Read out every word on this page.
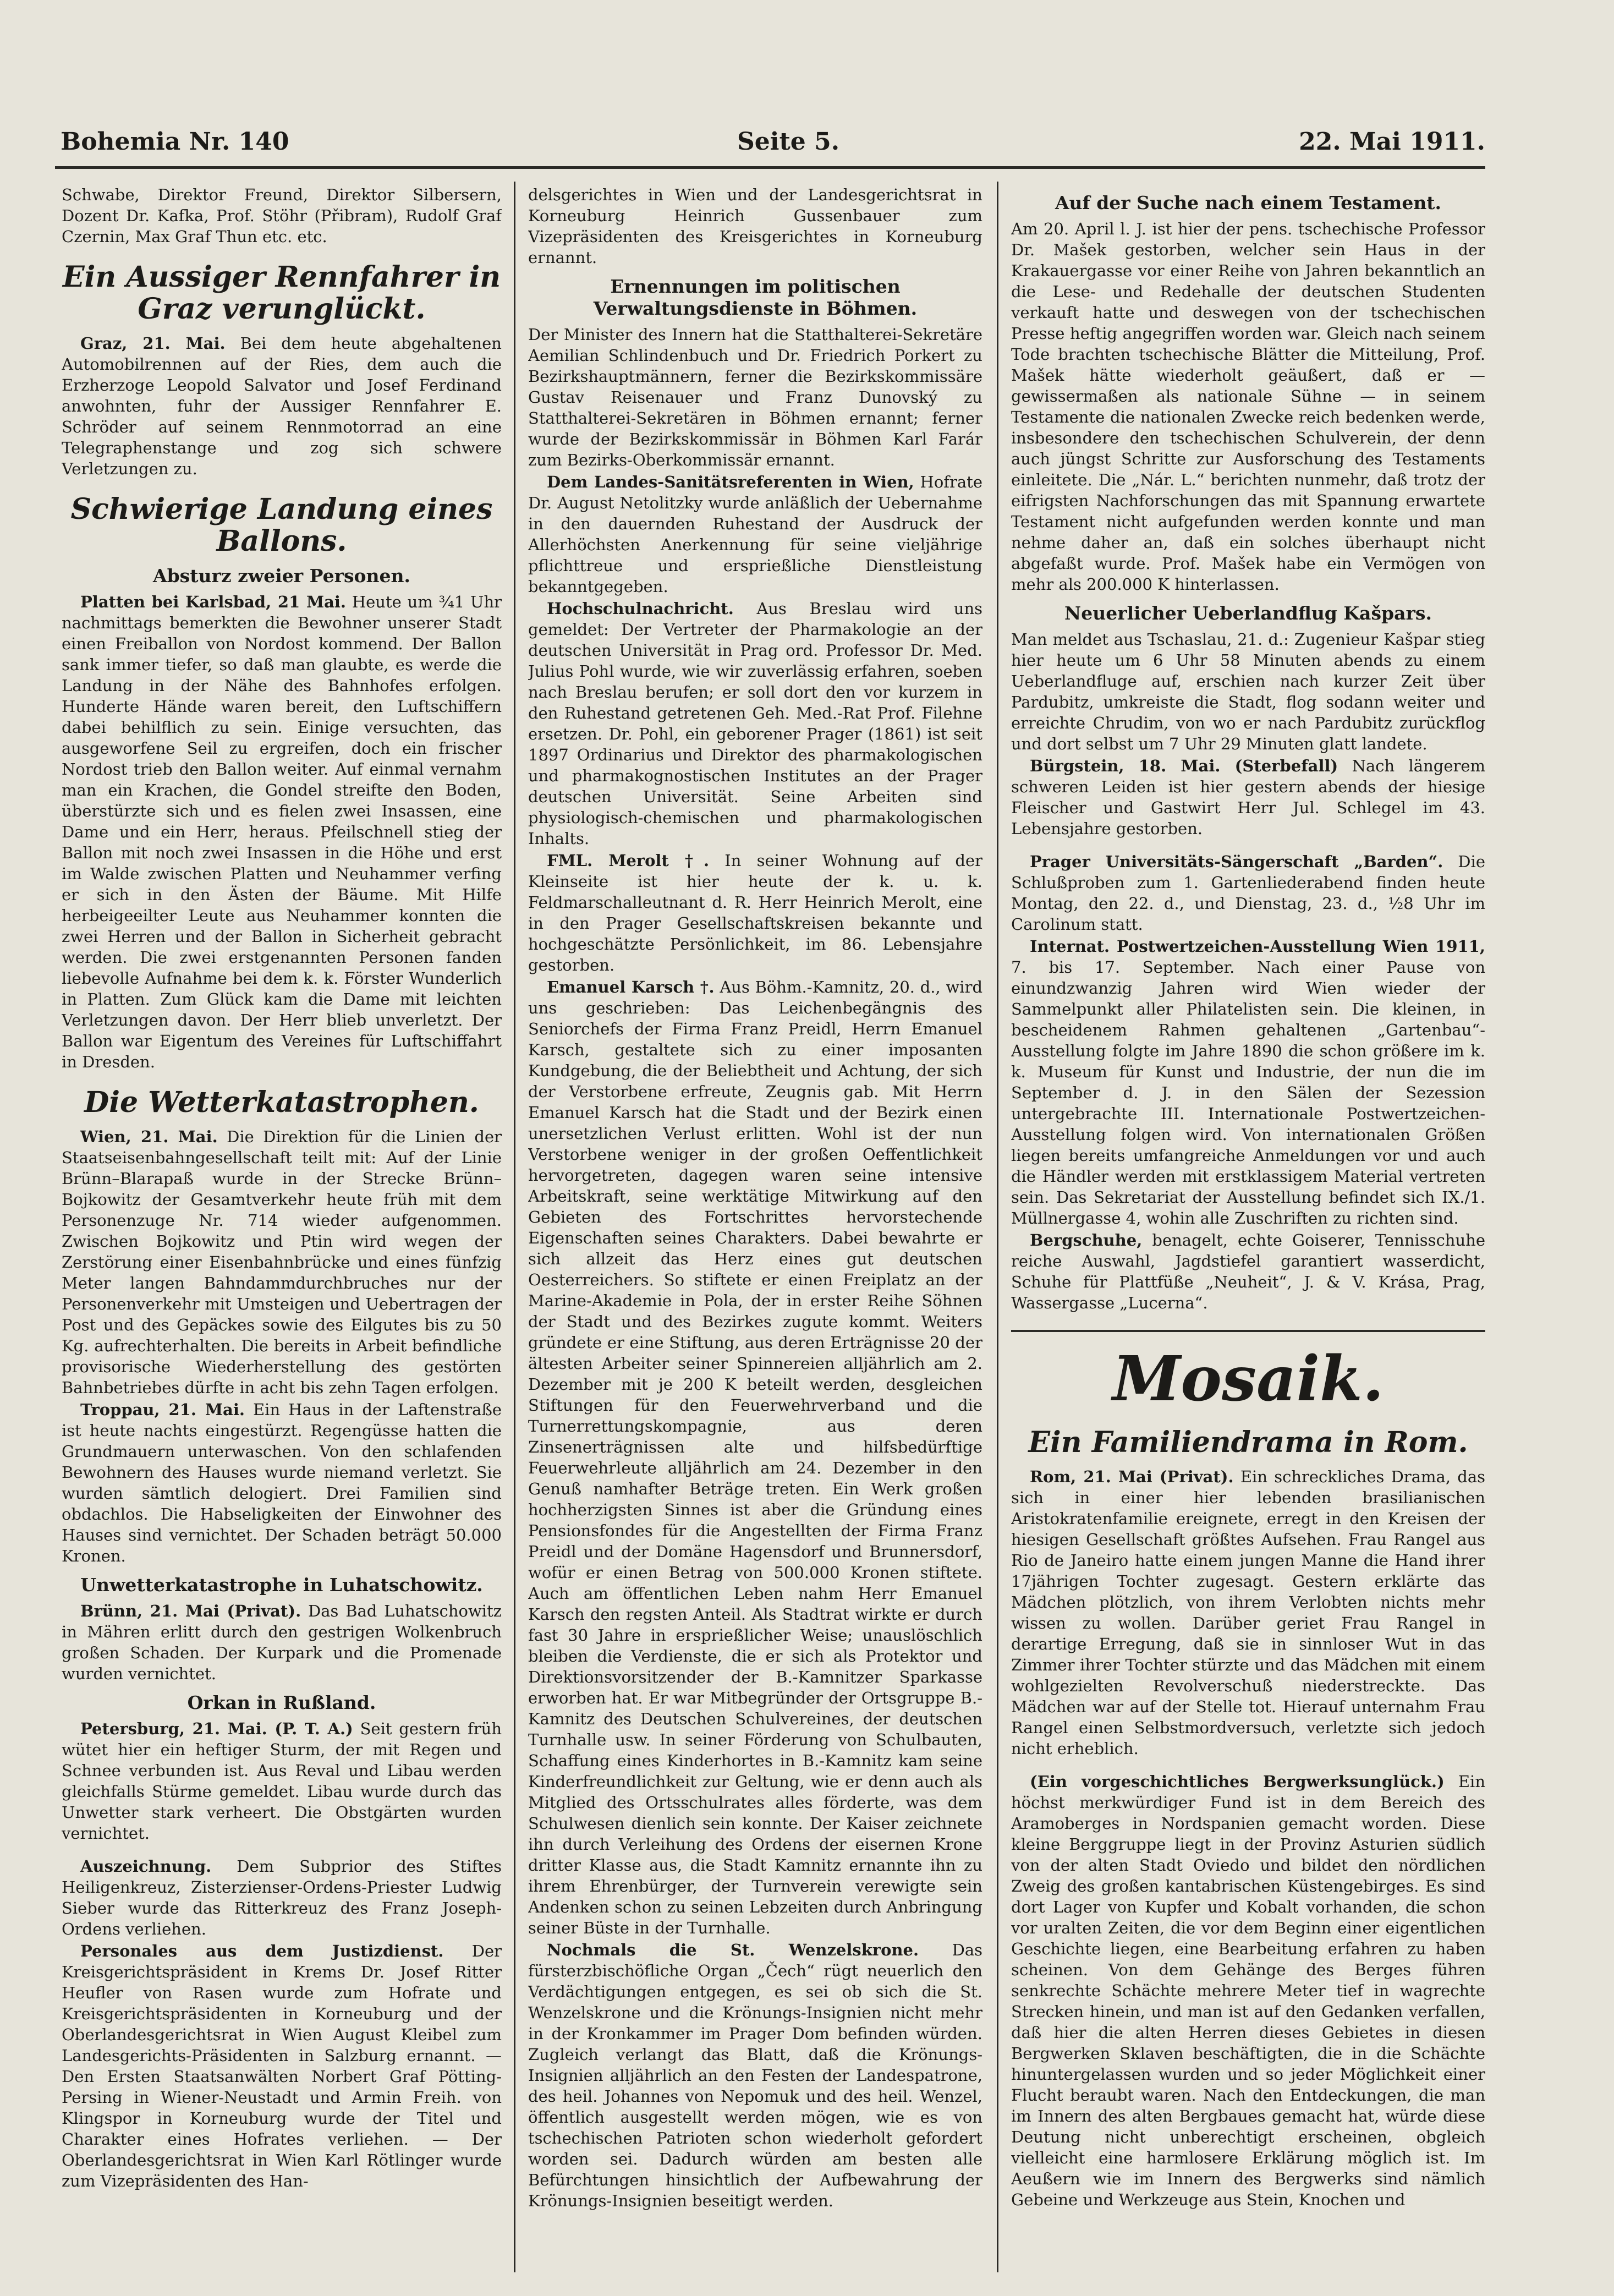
Bohemia Nr. 140	Seite 5.	22. Mai 1911.

Schwabe, Direktor Freund, Direktor Silbersern, Dozent Dr. Kafka, Prof. Stöhr (Přibram), Rudolf Graf Czernin, Max Graf Thun etc. etc.

Ein Aussiger Rennfahrer in Graz verunglückt.

Graz, 21. Mai. Bei dem heute abgehaltenen Automobilrennen auf der Ries, dem auch die Erzherzoge Leopold Salvator und Josef Ferdinand anwohnten, fuhr der Aussiger Rennfahrer E. Schröder auf seinem Rennmotorrad an eine Telegraphenstange und zog sich schwere Verletzungen zu.

Schwierige Landung eines Ballons.
Absturz zweier Personen.

Platten bei Karlsbad, 21 Mai. Heute um ¾1 Uhr nachmittags bemerkten die Bewohner unserer Stadt einen Freiballon von Nordost kommend. Der Ballon sank immer tiefer, so daß man glaubte, es werde die Landung in der Nähe des Bahnhofes erfolgen. Hunderte Hände waren bereit, den Luftschiffern dabei behilflich zu sein. Einige versuchten, das ausgeworfene Seil zu ergreifen, doch ein frischer Nordost trieb den Ballon weiter. Auf einmal vernahm man ein Krachen, die Gondel streifte den Boden, überstürzte sich und es fielen zwei Insassen, eine Dame und ein Herr, heraus. Pfeilschnell stieg der Ballon mit noch zwei Insassen in die Höhe und erst im Walde zwischen Platten und Neuhammer verfing er sich in den Ästen der Bäume. Mit Hilfe herbeigeeilter Leute aus Neuhammer konnten die zwei Herren und der Ballon in Sicherheit gebracht werden. Die zwei erstgenannten Personen fanden liebevolle Aufnahme bei dem k. k. Förster Wunderlich in Platten. Zum Glück kam die Dame mit leichten Verletzungen davon. Der Herr blieb unverletzt. Der Ballon war Eigentum des Vereines für Luftschiffahrt in Dresden.

Die Wetterkatastrophen.

Wien, 21. Mai. Die Direktion für die Linien der Staatseisenbahngesellschaft teilt mit: Auf der Linie Brünn–Blarapaß wurde in der Strecke Brünn–Bojkowitz der Gesamtverkehr heute früh mit dem Personenzuge Nr. 714 wieder aufgenommen. Zwischen Bojkowitz und Ptin wird wegen der Zerstörung einer Eisenbahnbrücke und eines fünfzig Meter langen Bahndammdurchbruches nur der Personenverkehr mit Umsteigen und Uebertragen der Post und des Gepäckes sowie des Eilgutes bis zu 50 Kg. aufrechterhalten. Die bereits in Arbeit befindliche provisorische Wiederherstellung des gestörten Bahnbetriebes dürfte in acht bis zehn Tagen erfolgen.

Troppau, 21. Mai. Ein Haus in der Laftenstraße ist heute nachts eingestürzt. Regengüsse hatten die Grundmauern unterwaschen. Von den schlafenden Bewohnern des Hauses wurde niemand verletzt. Sie wurden sämtlich delogiert. Drei Familien sind obdachlos. Die Habseligkeiten der Einwohner des Hauses sind vernichtet. Der Schaden beträgt 50.000 Kronen.

Unwetterkatastrophe in Luhatschowitz.

Brünn, 21. Mai (Privat). Das Bad Luhatschowitz in Mähren erlitt durch den gestrigen Wolkenbruch großen Schaden. Der Kurpark und die Promenade wurden vernichtet.

Orkan in Rußland.

Petersburg, 21. Mai. (P. T. A.) Seit gestern früh wütet hier ein heftiger Sturm, der mit Regen und Schnee verbunden ist. Aus Reval und Libau werden gleichfalls Stürme gemeldet. Libau wurde durch das Unwetter stark verheert. Die Obstgärten wurden vernichtet.

Auszeichnung. Dem Subprior des Stiftes Heiligenkreuz, Zisterzienser-Ordens-Priester Ludwig Sieber wurde das Ritterkreuz des Franz Joseph-Ordens verliehen.

Personales aus dem Justizdienst. Der Kreisgerichtspräsident in Krems Dr. Josef Ritter Heufler von Rasen wurde zum Hofrate und Kreisgerichtspräsidenten in Korneuburg und der Oberlandesgerichtsrat in Wien August Kleibel zum Landesgerichts-Präsidenten in Salzburg ernannt. — Den Ersten Staatsanwälten Norbert Graf Pötting-Persing in Wiener-Neustadt und Armin Freih. von Klingspor in Korneuburg wurde der Titel und Charakter eines Hofrates verliehen. — Der Oberlandesgerichtsrat in Wien Karl Rötlinger wurde zum Vizepräsidenten des Han-

delsgerichtes in Wien und der Landesgerichtsrat in Korneuburg Heinrich Gussenbauer zum Vizepräsidenten des Kreisgerichtes in Korneuburg ernannt.

Ernennungen im politischen Verwaltungsdienste in Böhmen.

Der Minister des Innern hat die Statthalterei-Sekretäre Aemilian Schlindenbuch und Dr. Friedrich Porkert zu Bezirkshauptmännern, ferner die Bezirkskommissäre Gustav Reisenauer und Franz Dunovský zu Statthalterei-Sekretären in Böhmen ernannt; ferner wurde der Bezirkskommissär in Böhmen Karl Farár zum Bezirks-Oberkommissär ernannt.

Dem Landes-Sanitätsreferenten in Wien, Hofrate Dr. August Netolitzky wurde anläßlich der Uebernahme in den dauernden Ruhestand der Ausdruck der Allerhöchsten Anerkennung für seine vieljährige pflichttreue und ersprießliche Dienstleistung bekanntgegeben.

Hochschulnachricht. Aus Breslau wird uns gemeldet: Der Vertreter der Pharmakologie an der deutschen Universität in Prag ord. Professor Dr. Med. Julius Pohl wurde, wie wir zuverlässig erfahren, soeben nach Breslau berufen; er soll dort den vor kurzem in den Ruhestand getretenen Geh. Med.-Rat Prof. Filehne ersetzen. Dr. Pohl, ein geborener Prager (1861) ist seit 1897 Ordinarius und Direktor des pharmakologischen und pharmakognostischen Institutes an der Prager deutschen Universität. Seine Arbeiten sind physiologisch-chemischen und pharmakologischen Inhalts.

FML. Merolt †. In seiner Wohnung auf der Kleinseite ist hier heute der k. u. k. Feldmarschalleutnant d. R. Herr Heinrich Merolt, eine in den Prager Gesellschaftskreisen bekannte und hochgeschätzte Persönlichkeit, im 86. Lebensjahre gestorben.

Emanuel Karsch †. Aus Böhm.-Kamnitz, 20. d., wird uns geschrieben: Das Leichenbegängnis des Seniorchefs der Firma Franz Preidl, Herrn Emanuel Karsch, gestaltete sich zu einer imposanten Kundgebung, die der Beliebtheit und Achtung, der sich der Verstorbene erfreute, Zeugnis gab. Mit Herrn Emanuel Karsch hat die Stadt und der Bezirk einen unersetzlichen Verlust erlitten. Wohl ist der nun Verstorbene weniger in der großen Oeffentlichkeit hervorgetreten, dagegen waren seine intensive Arbeitskraft, seine werktätige Mitwirkung auf den Gebieten des Fortschrittes hervorstechende Eigenschaften seines Charakters. Dabei bewahrte er sich allzeit das Herz eines gut deutschen Oesterreichers. So stiftete er einen Freiplatz an der Marine-Akademie in Pola, der in erster Reihe Söhnen der Stadt und des Bezirkes zugute kommt. Weiters gründete er eine Stiftung, aus deren Erträgnisse 20 der ältesten Arbeiter seiner Spinnereien alljährlich am 2. Dezember mit je 200 K beteilt werden, desgleichen Stiftungen für den Feuerwehrverband und die Turnerrettungskompagnie, aus deren Zinsenerträgnissen alte und hilfsbedürftige Feuerwehrleute alljährlich am 24. Dezember in den Genuß namhafter Beträge treten. Ein Werk großen hochherzigsten Sinnes ist aber die Gründung eines Pensionsfondes für die Angestellten der Firma Franz Preidl und der Domäne Hagensdorf und Brunnersdorf, wofür er einen Betrag von 500.000 Kronen stiftete. Auch am öffentlichen Leben nahm Herr Emanuel Karsch den regsten Anteil. Als Stadtrat wirkte er durch fast 30 Jahre in ersprießlicher Weise; unauslöschlich bleiben die Verdienste, die er sich als Protektor und Direktionsvorsitzender der B.-Kamnitzer Sparkasse erworben hat. Er war Mitbegründer der Ortsgruppe B.-Kamnitz des Deutschen Schulvereines, der deutschen Turnhalle usw. In seiner Förderung von Schulbauten, Schaffung eines Kinderhortes in B.-Kamnitz kam seine Kinderfreundlichkeit zur Geltung, wie er denn auch als Mitglied des Ortsschulrates alles förderte, was dem Schulwesen dienlich sein konnte. Der Kaiser zeichnete ihn durch Verleihung des Ordens der eisernen Krone dritter Klasse aus, die Stadt Kamnitz ernannte ihn zu ihrem Ehrenbürger, der Turnverein verewigte sein Andenken schon zu seinen Lebzeiten durch Anbringung seiner Büste in der Turnhalle.

Nochmals die St. Wenzelskrone. Das fürsterzbischöfliche Organ „Čech“ rügt neuerlich den Verdächtigungen entgegen, es sei ob sich die St. Wenzelskrone und die Krönungs-Insignien nicht mehr in der Kronkammer im Prager Dom befinden würden. Zugleich verlangt das Blatt, daß die Krönungs-Insignien alljährlich an den Festen der Landespatrone, des heil. Johannes von Nepomuk und des heil. Wenzel, öffentlich ausgestellt werden mögen, wie es von tschechischen Patrioten schon wiederholt gefordert worden sei. Dadurch würden am besten alle Befürchtungen hinsichtlich der Aufbewahrung der Krönungs-Insignien beseitigt werden.

Auf der Suche nach einem Testament.

Am 20. April l. J. ist hier der pens. tschechische Professor Dr. Mašek gestorben, welcher sein Haus in der Krakauergasse vor einer Reihe von Jahren bekanntlich an die Lese- und Redehalle der deutschen Studenten verkauft hatte und deswegen von der tschechischen Presse heftig angegriffen worden war. Gleich nach seinem Tode brachten tschechische Blätter die Mitteilung, Prof. Mašek hätte wiederholt geäußert, daß er — gewissermaßen als nationale Sühne — in seinem Testamente die nationalen Zwecke reich bedenken werde, insbesondere den tschechischen Schulverein, der denn auch jüngst Schritte zur Ausforschung des Testaments einleitete. Die „Nár. L.“ berichten nunmehr, daß trotz der eifrigsten Nachforschungen das mit Spannung erwartete Testament nicht aufgefunden werden konnte und man nehme daher an, daß ein solches überhaupt nicht abgefaßt wurde. Prof. Mašek habe ein Vermögen von mehr als 200.000 K hinterlassen.

Neuerlicher Ueberlandflug Kašpars.

Man meldet aus Tschaslau, 21. d.: Zugenieur Kašpar stieg hier heute um 6 Uhr 58 Minuten abends zu einem Ueberlandfluge auf, erschien nach kurzer Zeit über Pardubitz, umkreiste die Stadt, flog sodann weiter und erreichte Chrudim, von wo er nach Pardubitz zurückflog und dort selbst um 7 Uhr 29 Minuten glatt landete.

Bürgstein, 18. Mai. (Sterbefall) Nach längerem schweren Leiden ist hier gestern abends der hiesige Fleischer und Gastwirt Herr Jul. Schlegel im 43. Lebensjahre gestorben.

Prager Universitäts-Sängerschaft „Barden“. Die Schlußproben zum 1. Gartenliederabend finden heute Montag, den 22. d., und Dienstag, 23. d., ½8 Uhr im Carolinum statt.

Internat. Postwertzeichen-Ausstellung Wien 1911, 7. bis 17. September. Nach einer Pause von einundzwanzig Jahren wird Wien wieder der Sammelpunkt aller Philatelisten sein. Die kleinen, in bescheidenem Rahmen gehaltenen „Gartenbau“-Ausstellung folgte im Jahre 1890 die schon größere im k. k. Museum für Kunst und Industrie, der nun die im September d. J. in den Sälen der Sezession untergebrachte III. Internationale Postwertzeichen-Ausstellung folgen wird. Von internationalen Größen liegen bereits umfangreiche Anmeldungen vor und auch die Händler werden mit erstklassigem Material vertreten sein. Das Sekretariat der Ausstellung befindet sich IX./1. Müllnergasse 4, wohin alle Zuschriften zu richten sind.

Bergschuhe, benagelt, echte Goiserer, Tennisschuhe reiche Auswahl, Jagdstiefel garantiert wasserdicht, Schuhe für Plattfüße „Neuheit“, J. & V. Krása, Prag, Wassergasse „Lucerna“.

Mosaik.
Ein Familiendrama in Rom.

Rom, 21. Mai (Privat). Ein schreckliches Drama, das sich in einer hier lebenden brasilianischen Aristokratenfamilie ereignete, erregt in den Kreisen der hiesigen Gesellschaft größtes Aufsehen. Frau Rangel aus Rio de Janeiro hatte einem jungen Manne die Hand ihrer 17jährigen Tochter zugesagt. Gestern erklärte das Mädchen plötzlich, von ihrem Verlobten nichts mehr wissen zu wollen. Darüber geriet Frau Rangel in derartige Erregung, daß sie in sinnloser Wut in das Zimmer ihrer Tochter stürzte und das Mädchen mit einem wohlgezielten Revolverschuß niederstreckte. Das Mädchen war auf der Stelle tot. Hierauf unternahm Frau Rangel einen Selbstmordversuch, verletzte sich jedoch nicht erheblich.

(Ein vorgeschichtliches Bergwerksunglück.) Ein höchst merkwürdiger Fund ist in dem Bereich des Aramoberges in Nordspanien gemacht worden. Diese kleine Berggruppe liegt in der Provinz Asturien südlich von der alten Stadt Oviedo und bildet den nördlichen Zweig des großen kantabrischen Küstengebirges. Es sind dort Lager von Kupfer und Kobalt vorhanden, die schon vor uralten Zeiten, die vor dem Beginn einer eigentlichen Geschichte liegen, eine Bearbeitung erfahren zu haben scheinen. Von dem Gehänge des Berges führen senkrechte Schächte mehrere Meter tief in wagrechte Strecken hinein, und man ist auf den Gedanken verfallen, daß hier die alten Herren dieses Gebietes in diesen Bergwerken Sklaven beschäftigten, die in die Schächte hinuntergelassen wurden und so jeder Möglichkeit einer Flucht beraubt waren. Nach den Entdeckungen, die man im Innern des alten Bergbaues gemacht hat, würde diese Deutung nicht unberechtigt erscheinen, obgleich vielleicht eine harmlosere Erklärung möglich ist. Im Aeußern wie im Innern des Bergwerks sind nämlich Gebeine und Werkzeuge aus Stein, Knochen und
